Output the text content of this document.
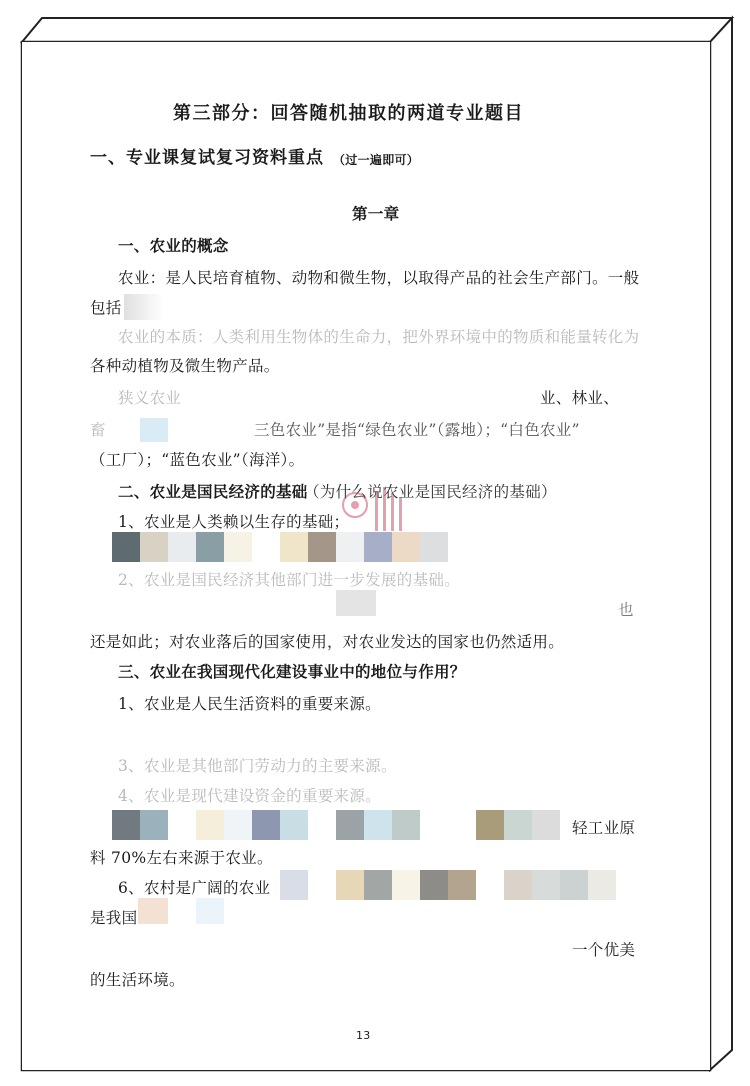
第三部分：回答随机抽取的两道专业题目
一、专业课复试复习资料重点 （过一遍即可）
第一章
一、农业的概念
农业：是人民培育植物、动物和微生物，以取得产品的社会生产部门。一般
包括
农业的本质：人类利用生物体的生命力，把外界环境中的物质和能量转化为
各种动植物及微生物产品。
狭义农业	业、林业、
畜	三色农业”是指“绿色农业”（露地）；“白色农业”
（工厂）；“蓝色农业”（海洋）。
二、农业是国民经济的基础
（为什么说农业是国民经济的基础）
1、农业是人类赖以生存的基础；
2、农业是国民经济其他部门进一步发展的基础。
也
还是如此；对农业落后的国家使用，对农业发达的国家也仍然适用。
三、农业在我国现代化建设事业中的地位与作用？
1、农业是人民生活资料的重要来源。
3、农业是其他部门劳动力的主要来源。
4、农业是现代建设资金的重要来源。
轻工业原
料 70%左右来源于农业。
6、农村是广阔的农业
是我国
一个优美
的生活环境。
13
